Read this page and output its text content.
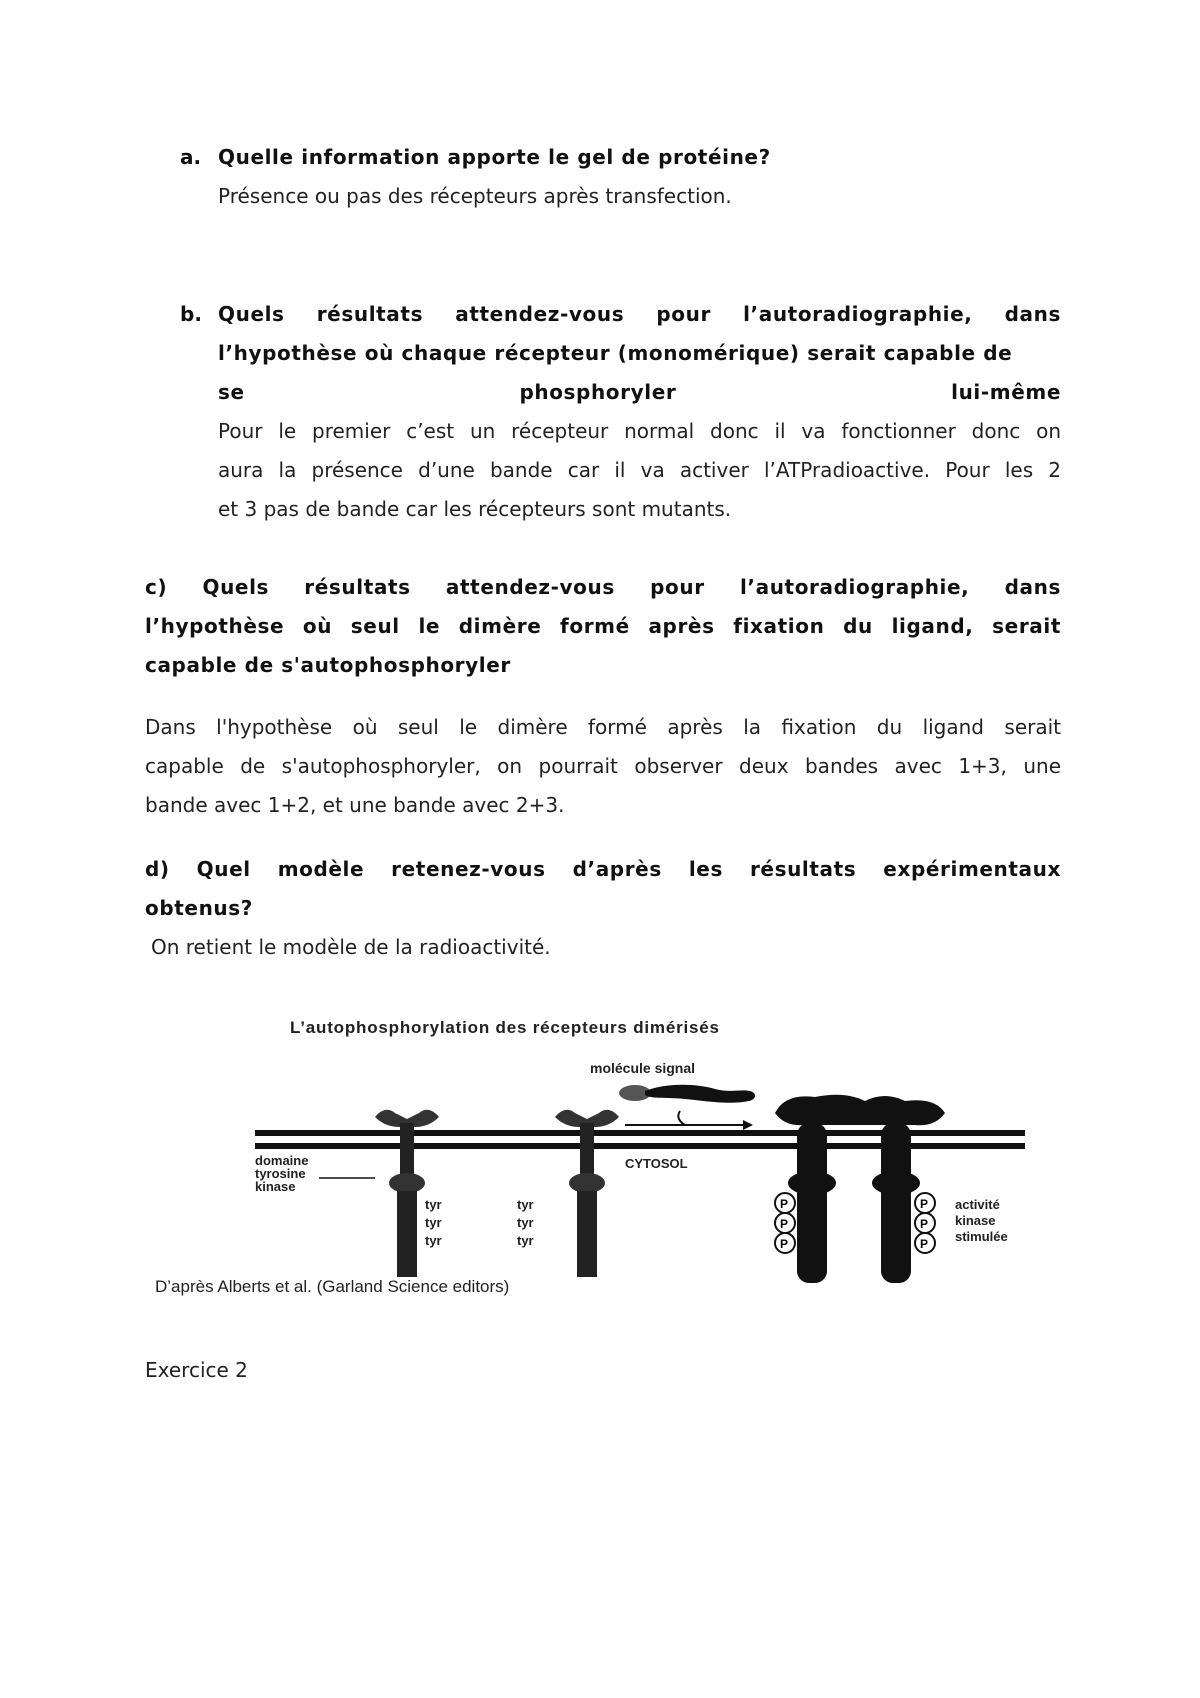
a. Quelle information apporte le gel de protéine?
Présence ou pas des récepteurs après transfection.
b. Quels résultats attendez-vous pour l’autoradiographie, dans
l’hypothèse où chaque récepteur (monomérique) serait capable de
se	phosphoryler	lui-même
Pour le premier c’est un récepteur normal donc il va fonctionner donc on
aura la présence d’une bande car il va activer l’ATPradioactive. Pour les 2
et 3 pas de bande car les récepteurs sont mutants.
c) Quels résultats attendez-vous pour l’autoradiographie, dans
l’hypothèse où seul le dimère formé après fixation du ligand, serait
capable de s'autophosphoryler
Dans l'hypothèse où seul le dimère formé après la fixation du ligand serait
capable de s'autophosphoryler, on pourrait observer deux bandes avec 1+3, une
bande avec 1+2, et une bande avec 2+3.
d) Quel modèle retenez-vous d’après les résultats expérimentaux
obtenus?
On retient le modèle de la radioactivité.
L’autophosphorylation des récepteurs dimérisés
molécule signal
CYTOSOL
domaine
tyrosine
kinase
tyr
tyr
tyr
tyr
tyr
tyr
P
P
P
P
P
P
activité
kinase
stimulée
D’après Alberts et al. (Garland Science editors)
Exercice 2
